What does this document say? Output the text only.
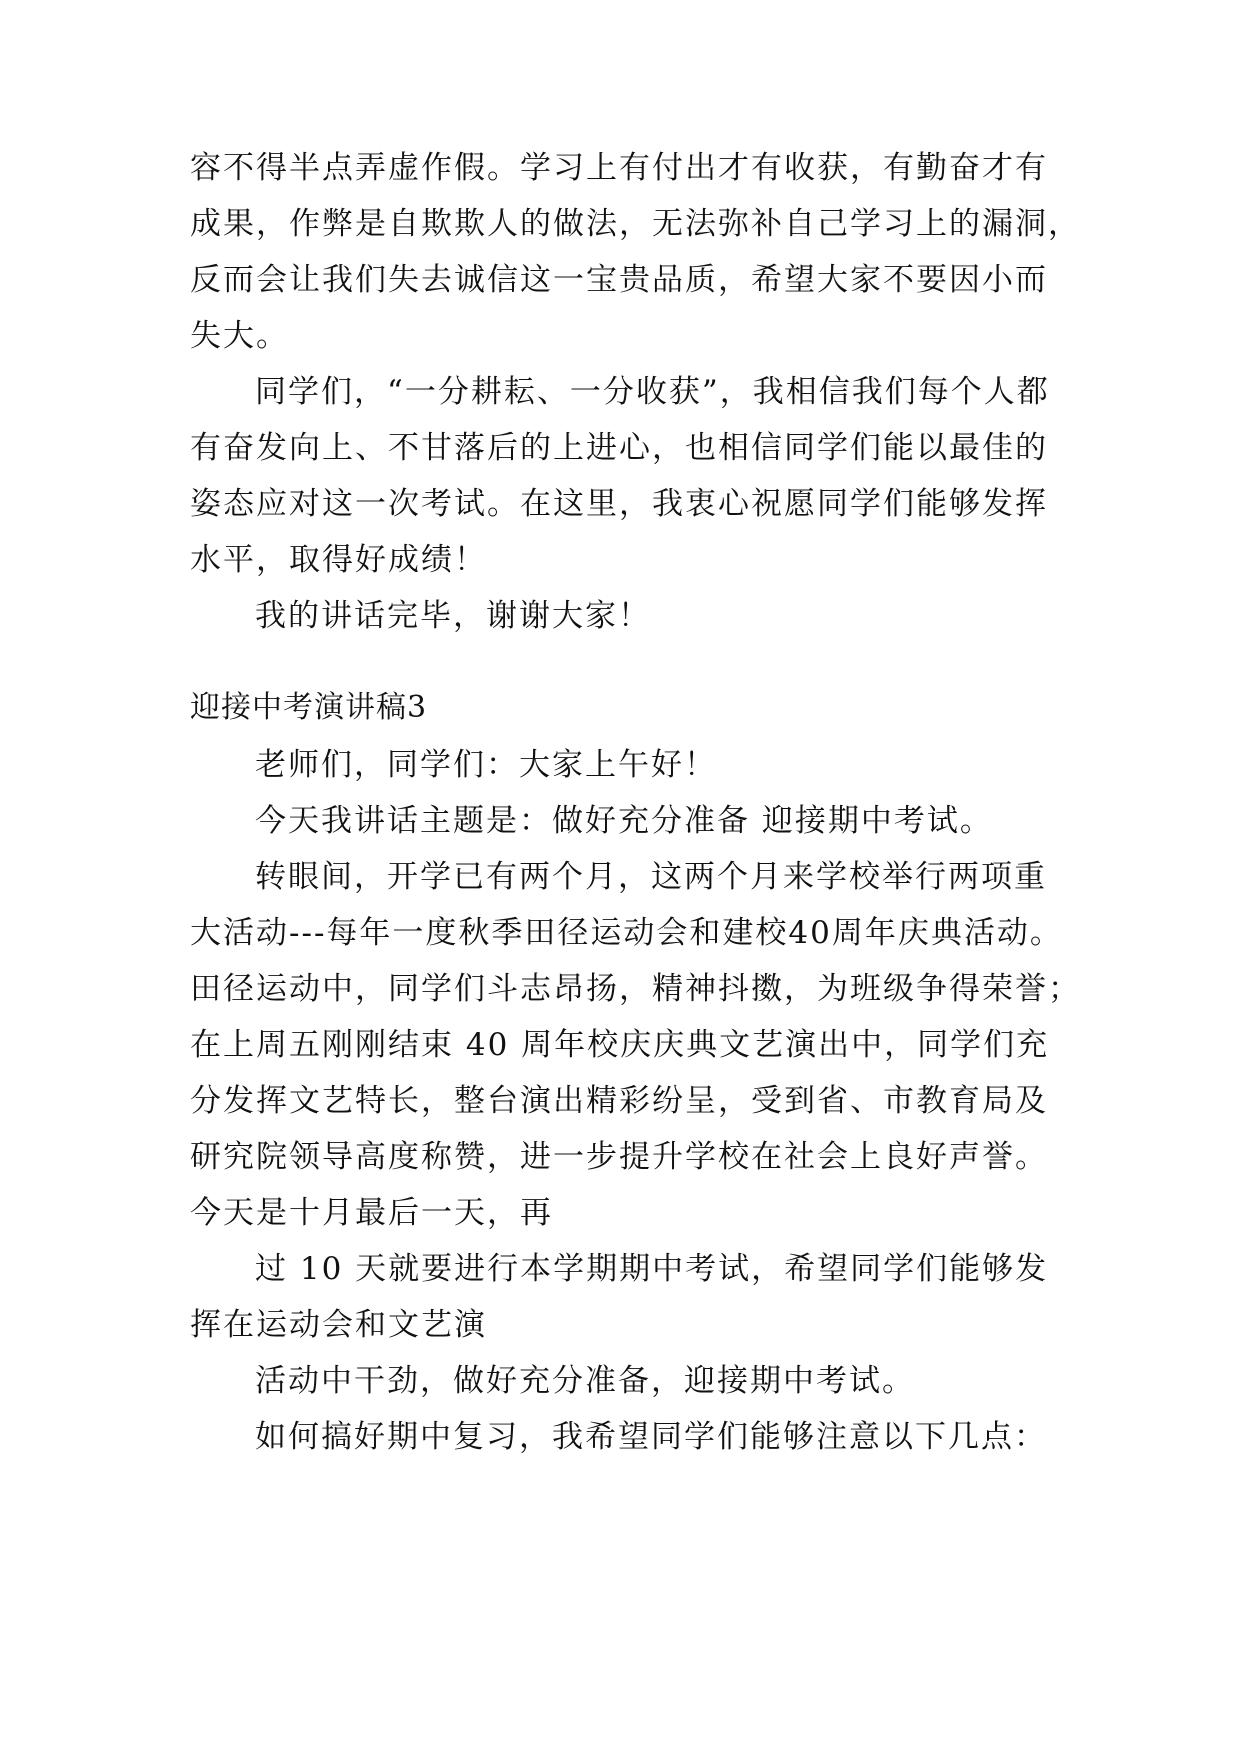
容不得半点弄虚作假。学习上有付出才有收获，有勤奋才有
成果，作弊是自欺欺人的做法，无法弥补自己学习上的漏洞，
反而会让我们失去诚信这一宝贵品质，希望大家不要因小而
失大。
同学们，“一分耕耘、一分收获”，我相信我们每个人都
有奋发向上、不甘落后的上进心，也相信同学们能以最佳的
姿态应对这一次考试。在这里，我衷心祝愿同学们能够发挥
水平，取得好成绩！
我的讲话完毕，谢谢大家！
迎接中考演讲稿3
老师们，同学们：大家上午好！
今天我讲话主题是：做好充分准备 迎接期中考试。
转眼间，开学已有两个月，这两个月来学校举行两项重
大活动---每年一度秋季田径运动会和建校40周年庆典活动。
田径运动中，同学们斗志昂扬，精神抖擞，为班级争得荣誉；
在上周五刚刚结束 40 周年校庆庆典文艺演出中，同学们充
分发挥文艺特长，整台演出精彩纷呈，受到省、市教育局及
研究院领导高度称赞，进一步提升学校在社会上良好声誉。
今天是十月最后一天，再
过 10 天就要进行本学期期中考试，希望同学们能够发
挥在运动会和文艺演
活动中干劲，做好充分准备，迎接期中考试。
如何搞好期中复习，我希望同学们能够注意以下几点：
